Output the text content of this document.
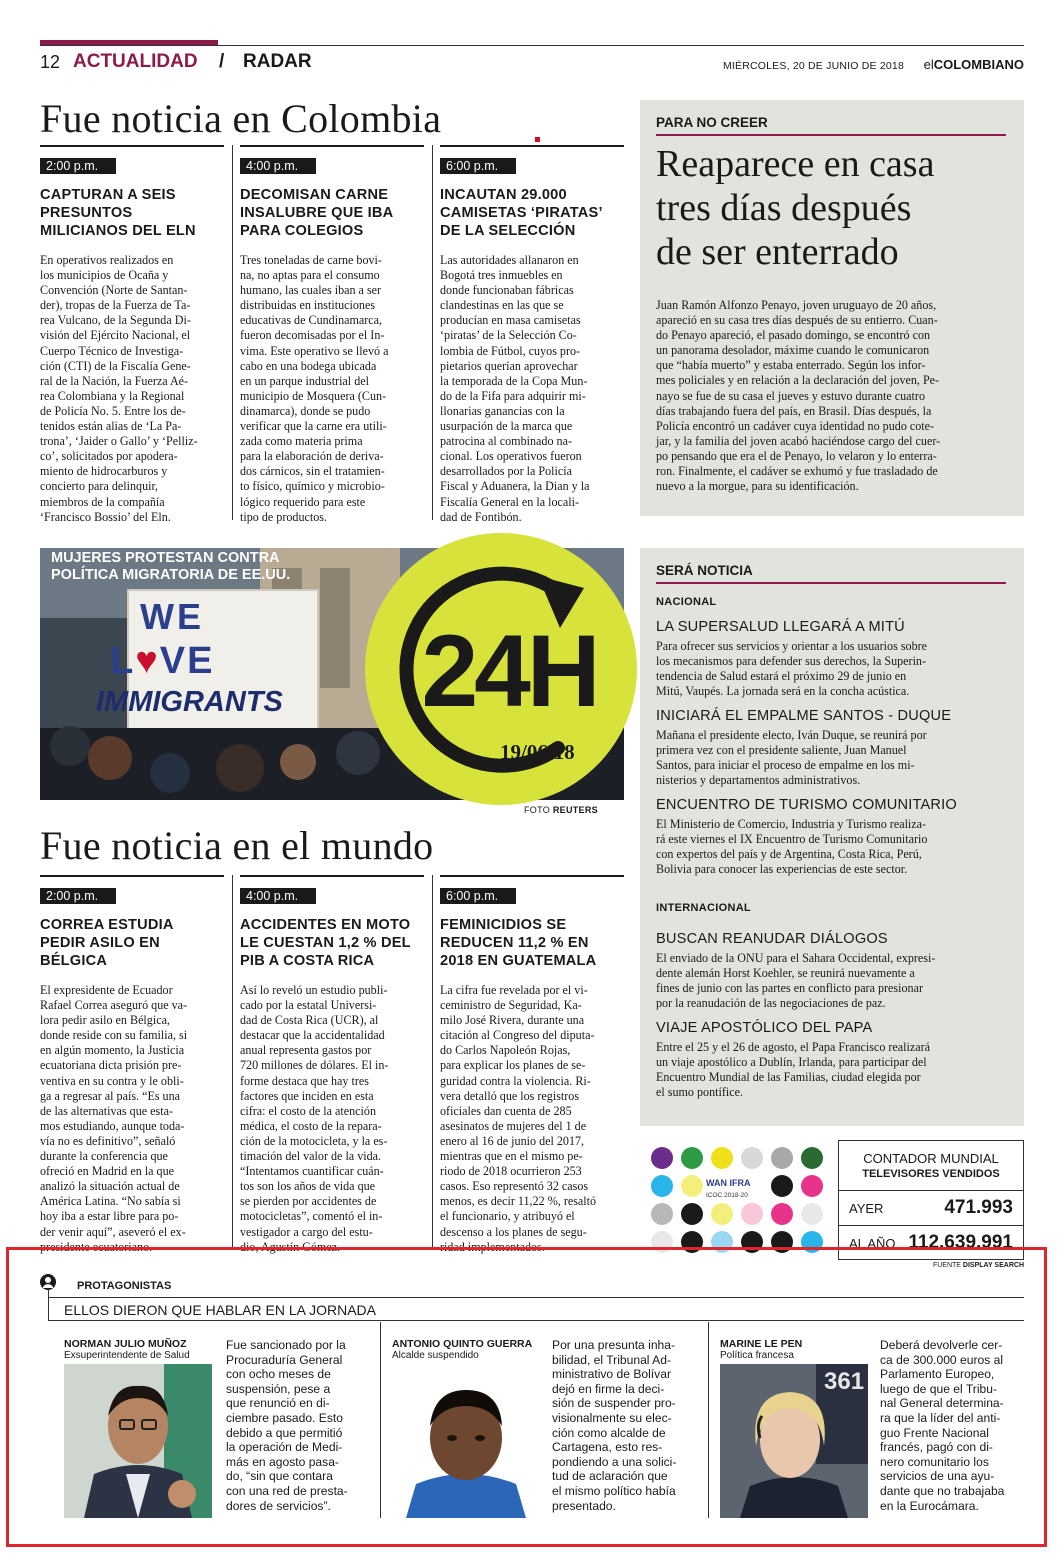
12 ACTUALIDAD / RADAR	MIÉRCOLES, 20 DE JUNIO DE 2018 elCOLOMBIANO
Fue noticia en Colombia
2:00 p.m.
CAPTURAN A SEIS
PRESUNTOS
MILICIANOS DEL ELN
En operativos realizados en
los municipios de Ocaña y
Convención (Norte de Santan-
der), tropas de la Fuerza de Ta-
rea Vulcano, de la Segunda Di-
visión del Ejército Nacional, el
Cuerpo Técnico de Investiga-
ción (CTI) de la Fiscalía Gene-
ral de la Nación, la Fuerza Aé-
rea Colombiana y la Regional
de Policía No. 5. Entre los de-
tenidos están alias de ‘La Pa-
trona’, ‘Jaider o Gallo’ y ‘Pelliz-
co’, solicitados por apodera-
miento de hidrocarburos y
concierto para delinquir,
miembros de la compañía
‘Francisco Bossio’ del Eln.
4:00 p.m.
DECOMISAN CARNE
INSALUBRE QUE IBA
PARA COLEGIOS
Tres toneladas de carne bovi-
na, no aptas para el consumo
humano, las cuales iban a ser
distribuidas en instituciones
educativas de Cundinamarca,
fueron decomisadas por el In-
vima. Este operativo se llevó a
cabo en una bodega ubicada
en un parque industrial del
municipio de Mosquera (Cun-
dinamarca), donde se pudo
verificar que la carne era utili-
zada como materia prima
para la elaboración de deriva-
dos cárnicos, sin el tratamien-
to físico, químico y microbio-
lógico requerido para este
tipo de productos.
6:00 p.m.
INCAUTAN 29.000
CAMISETAS ‘PIRATAS’
DE LA SELECCIÓN
Las autoridades allanaron en
Bogotá tres inmuebles en
donde funcionaban fábricas
clandestinas en las que se
producían en masa camisetas
‘piratas’ de la Selección Co-
lombia de Fútbol, cuyos pro-
pietarios querían aprovechar
la temporada de la Copa Mun-
do de la Fifa para adquirir mi-
llonarias ganancias con la
usurpación de la marca que
patrocina al combinado na-
cional. Los operativos fueron
desarrollados por la Policía
Fiscal y Aduanera, la Dian y la
Fiscalía General en la locali-
dad de Fontibón.
PARA NO CREER
Reaparece en casa
tres días después
de ser enterrado
Juan Ramón Alfonzo Penayo, joven uruguayo de 20 años,
apareció en su casa tres días después de su entierro. Cuan-
do Penayo apareció, el pasado domingo, se encontró con
un panorama desolador, máxime cuando le comunicaron
que “había muerto” y estaba enterrado. Según los infor-
mes policiales y en relación a la declaración del joven, Pe-
nayo se fue de su casa el jueves y estuvo durante cuatro
días trabajando fuera del país, en Brasil. Días después, la
Policía encontró un cadáver cuya identidad no pudo cote-
jar, y la familia del joven acabó haciéndose cargo del cuer-
po pensando que era el de Penayo, lo velaron y lo enterra-
ron. Finalmente, el cadáver se exhumó y fue trasladado de
nuevo a la morgue, para su identificación.
WE
L♥VE
IMMIGRANTS
MUJERES PROTESTAN CONTRA
POLÍTICA MIGRATORIA DE EE.UU.
FOTO REUTERS
24H
19/06/18
SERÁ NOTICIA
NACIONAL
LA SUPERSALUD LLEGARÁ A MITÚ
Para ofrecer sus servicios y orientar a los usuarios sobre
los mecanismos para defender sus derechos, la Superin-
tendencia de Salud estará el próximo 29 de junio en
Mitú, Vaupés. La jornada será en la concha acústica.
INICIARÁ EL EMPALME SANTOS - DUQUE
Mañana el presidente electo, Iván Duque, se reunirá por
primera vez con el presidente saliente, Juan Manuel
Santos, para iniciar el proceso de empalme en los mi-
nisterios y departamentos administrativos.
ENCUENTRO DE TURISMO COMUNITARIO
El Ministerio de Comercio, Industria y Turismo realiza-
rá este viernes el IX Encuentro de Turismo Comunitario
con expertos del país y de Argentina, Costa Rica, Perú,
Bolivia para conocer las experiencias de este sector.
INTERNACIONAL
BUSCAN REANUDAR DIÁLOGOS
El enviado de la ONU para el Sahara Occidental, expresi-
dente alemán Horst Koehler, se reunirá nuevamente a
fines de junio con las partes en conflicto para presionar
por la reanudación de las negociaciones de paz.
VIAJE APOSTÓLICO DEL PAPA
Entre el 25 y el 26 de agosto, el Papa Francisco realizará
un viaje apostólico a Dublín, Irlanda, para participar del
Encuentro Mundial de las Familias, ciudad elegida por
el sumo pontífice.
Fue noticia en el mundo
2:00 p.m.
CORREA ESTUDIA
PEDIR ASILO EN
BÉLGICA
El expresidente de Ecuador
Rafael Correa aseguró que va-
lora pedir asilo en Bélgica,
donde reside con su familia, si
en algún momento, la Justicia
ecuatoriana dicta prisión pre-
ventiva en su contra y le obli-
ga a regresar al país. “Es una
de las alternativas que esta-
mos estudiando, aunque toda-
vía no es definitivo”, señaló
durante la conferencia que
ofreció en Madrid en la que
analizó la situación actual de
América Latina. “No sabía si
hoy iba a estar libre para po-
der venir aquí”, aseveró el ex-
presidente ecuatoriano.
4:00 p.m.
ACCIDENTES EN MOTO
LE CUESTAN 1,2 % DEL
PIB A COSTA RICA
Así lo reveló un estudio publi-
cado por la estatal Universi-
dad de Costa Rica (UCR), al
destacar que la accidentalidad
anual representa gastos por
720 millones de dólares. El in-
forme destaca que hay tres
factores que inciden en esta
cifra: el costo de la atención
médica, el costo de la repara-
ción de la motocicleta, y la es-
timación del valor de la vida.
“Intentamos cuantificar cuán-
tos son los años de vida que
se pierden por accidentes de
motocicletas”, comentó el in-
vestigador a cargo del estu-
dio, Agustín Gómez.
6:00 p.m.
FEMINICIDIOS SE
REDUCEN 11,2 % EN
2018 EN GUATEMALA
La cifra fue revelada por el vi-
ceministro de Seguridad, Ka-
milo José Rivera, durante una
citación al Congreso del diputa-
do Carlos Napoleón Rojas,
para explicar los planes de se-
guridad contra la violencia. Ri-
vera detalló que los registros
oficiales dan cuenta de 285
asesinatos de mujeres del 1 de
enero al 16 de junio del 2017,
mientras que en el mismo pe-
riodo de 2018 ocurrieron 253
casos. Eso representó 32 casos
menos, es decir 11,22 %, resaltó
el funcionario, y atribuyó el
descenso a los planes de segu-
ridad implementados.
WAN IFRA
ICOC 2018-20
CONTADOR MUNDIAL
TELEVISORES VENDIDOS
AYER	471.993
AL AÑO 112.639.991
FUENTE DISPLAY SEARCH
PROTAGONISTAS
ELLOS DIERON QUE HABLAR EN LA JORNADA
NORMAN JULIO MUÑOZ
Exsuperintendente de Salud
Fue sancionado por la
Procuraduría General
con ocho meses de
suspensión, pese a
que renunció en di-
ciembre pasado. Esto
debido a que permitió
la operación de Medi-
más en agosto pasa-
do, “sin que contara
con una red de presta-
dores de servicios”.
ANTONIO QUINTO GUERRA
Alcalde suspendido
Por una presunta inha-
bilidad, el Tribunal Ad-
ministrativo de Bolívar
dejó en firme la deci-
sión de suspender pro-
visionalmente su elec-
ción como alcalde de
Cartagena, esto res-
pondiendo a una solici-
tud de aclaración que
el mismo político había
presentado.
MARINE LE PEN
Política francesa
361
Deberá devolverle cer-
ca de 300.000 euros al
Parlamento Europeo,
luego de que el Tribu-
nal General determina-
ra que la líder del anti-
guo Frente Nacional
francés, pagó con di-
nero comunitario los
servicios de una ayu-
dante que no trabajaba
en la Eurocámara.
